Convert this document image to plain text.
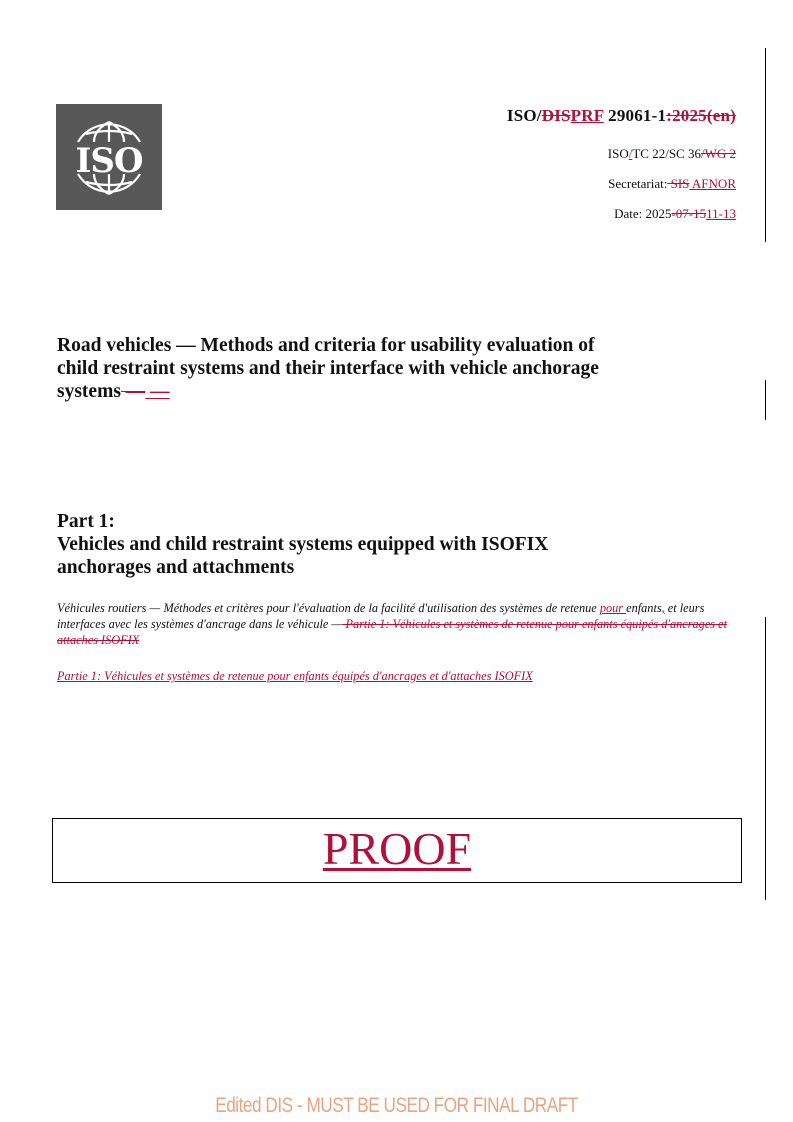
ISO
ISO/DISPRF 29061-1:2025(en)
ISO/TC 22/SC 36/WG 2
Secretariat: SIS AFNOR
Date: 2025-07-1511-13
Road vehicles — Methods and criteria for usability evaluation of
child restraint systems and their interface with vehicle anchorage
systems — —
Part 1:
Vehicles and child restraint systems equipped with ISOFIX
anchorages and attachments
Véhicules routiers — Méthodes et critères pour l'évaluation de la facilité d'utilisation des systèmes de retenue pour enfants, et leurs interfaces avec les systèmes d'ancrage dans le véhicule — Partie 1: Véhicules et systèmes de retenue pour enfants équipés d'ancrages et attaches ISOFIX
Partie 1: Véhicules et systèmes de retenue pour enfants équipés d'ancrages et d'attaches ISOFIX
PROOF
Edited DIS - MUST BE USED FOR FINAL DRAFT
